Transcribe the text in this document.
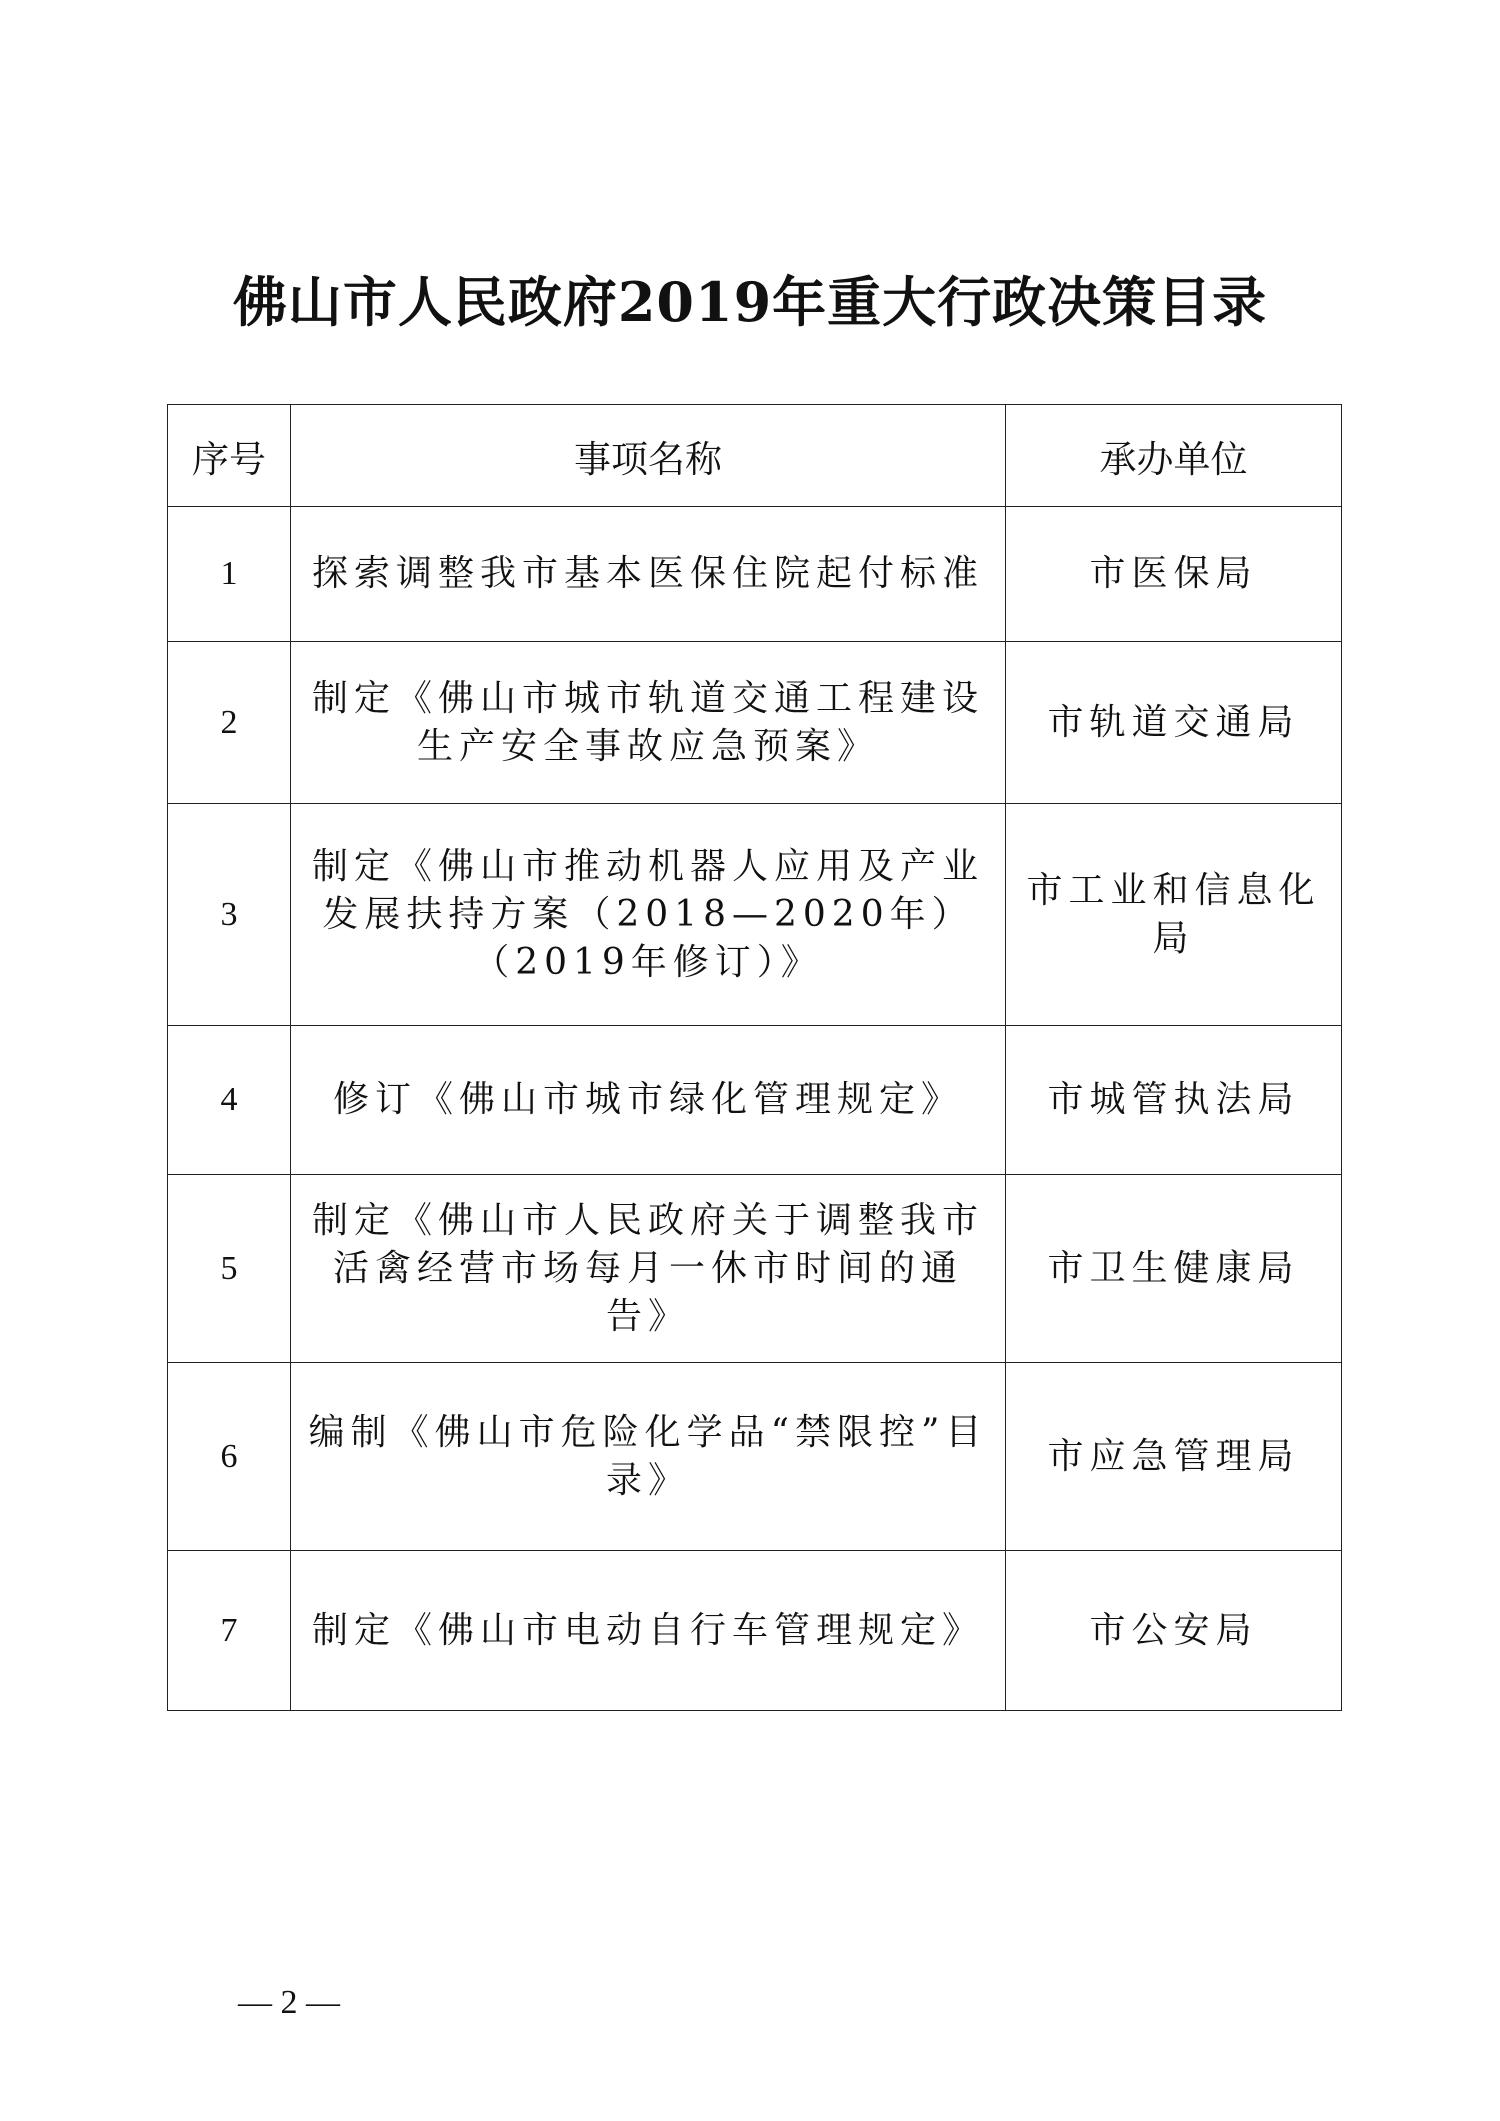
佛山市人民政府2019年重大行政决策目录
序号	事项名称	承办单位
1	探索调整我市基本医保住院起付标准	市医保局
2	制定《佛山市城市轨道交通工程建设生产安全事故应急预案》	市轨道交通局
3	制定《佛山市推动机器人应用及产业发展扶持方案（2018—2020年）（2019年修订）》	市工业和信息化局
4	修订《佛山市城市绿化管理规定》	市城管执法局
5	制定《佛山市人民政府关于调整我市活禽经营市场每月一休市时间的通告》	市卫生健康局
6	编制《佛山市危险化学品“禁限控”目录》	市应急管理局
7	制定《佛山市电动自行车管理规定》	市公安局
— 2 —
